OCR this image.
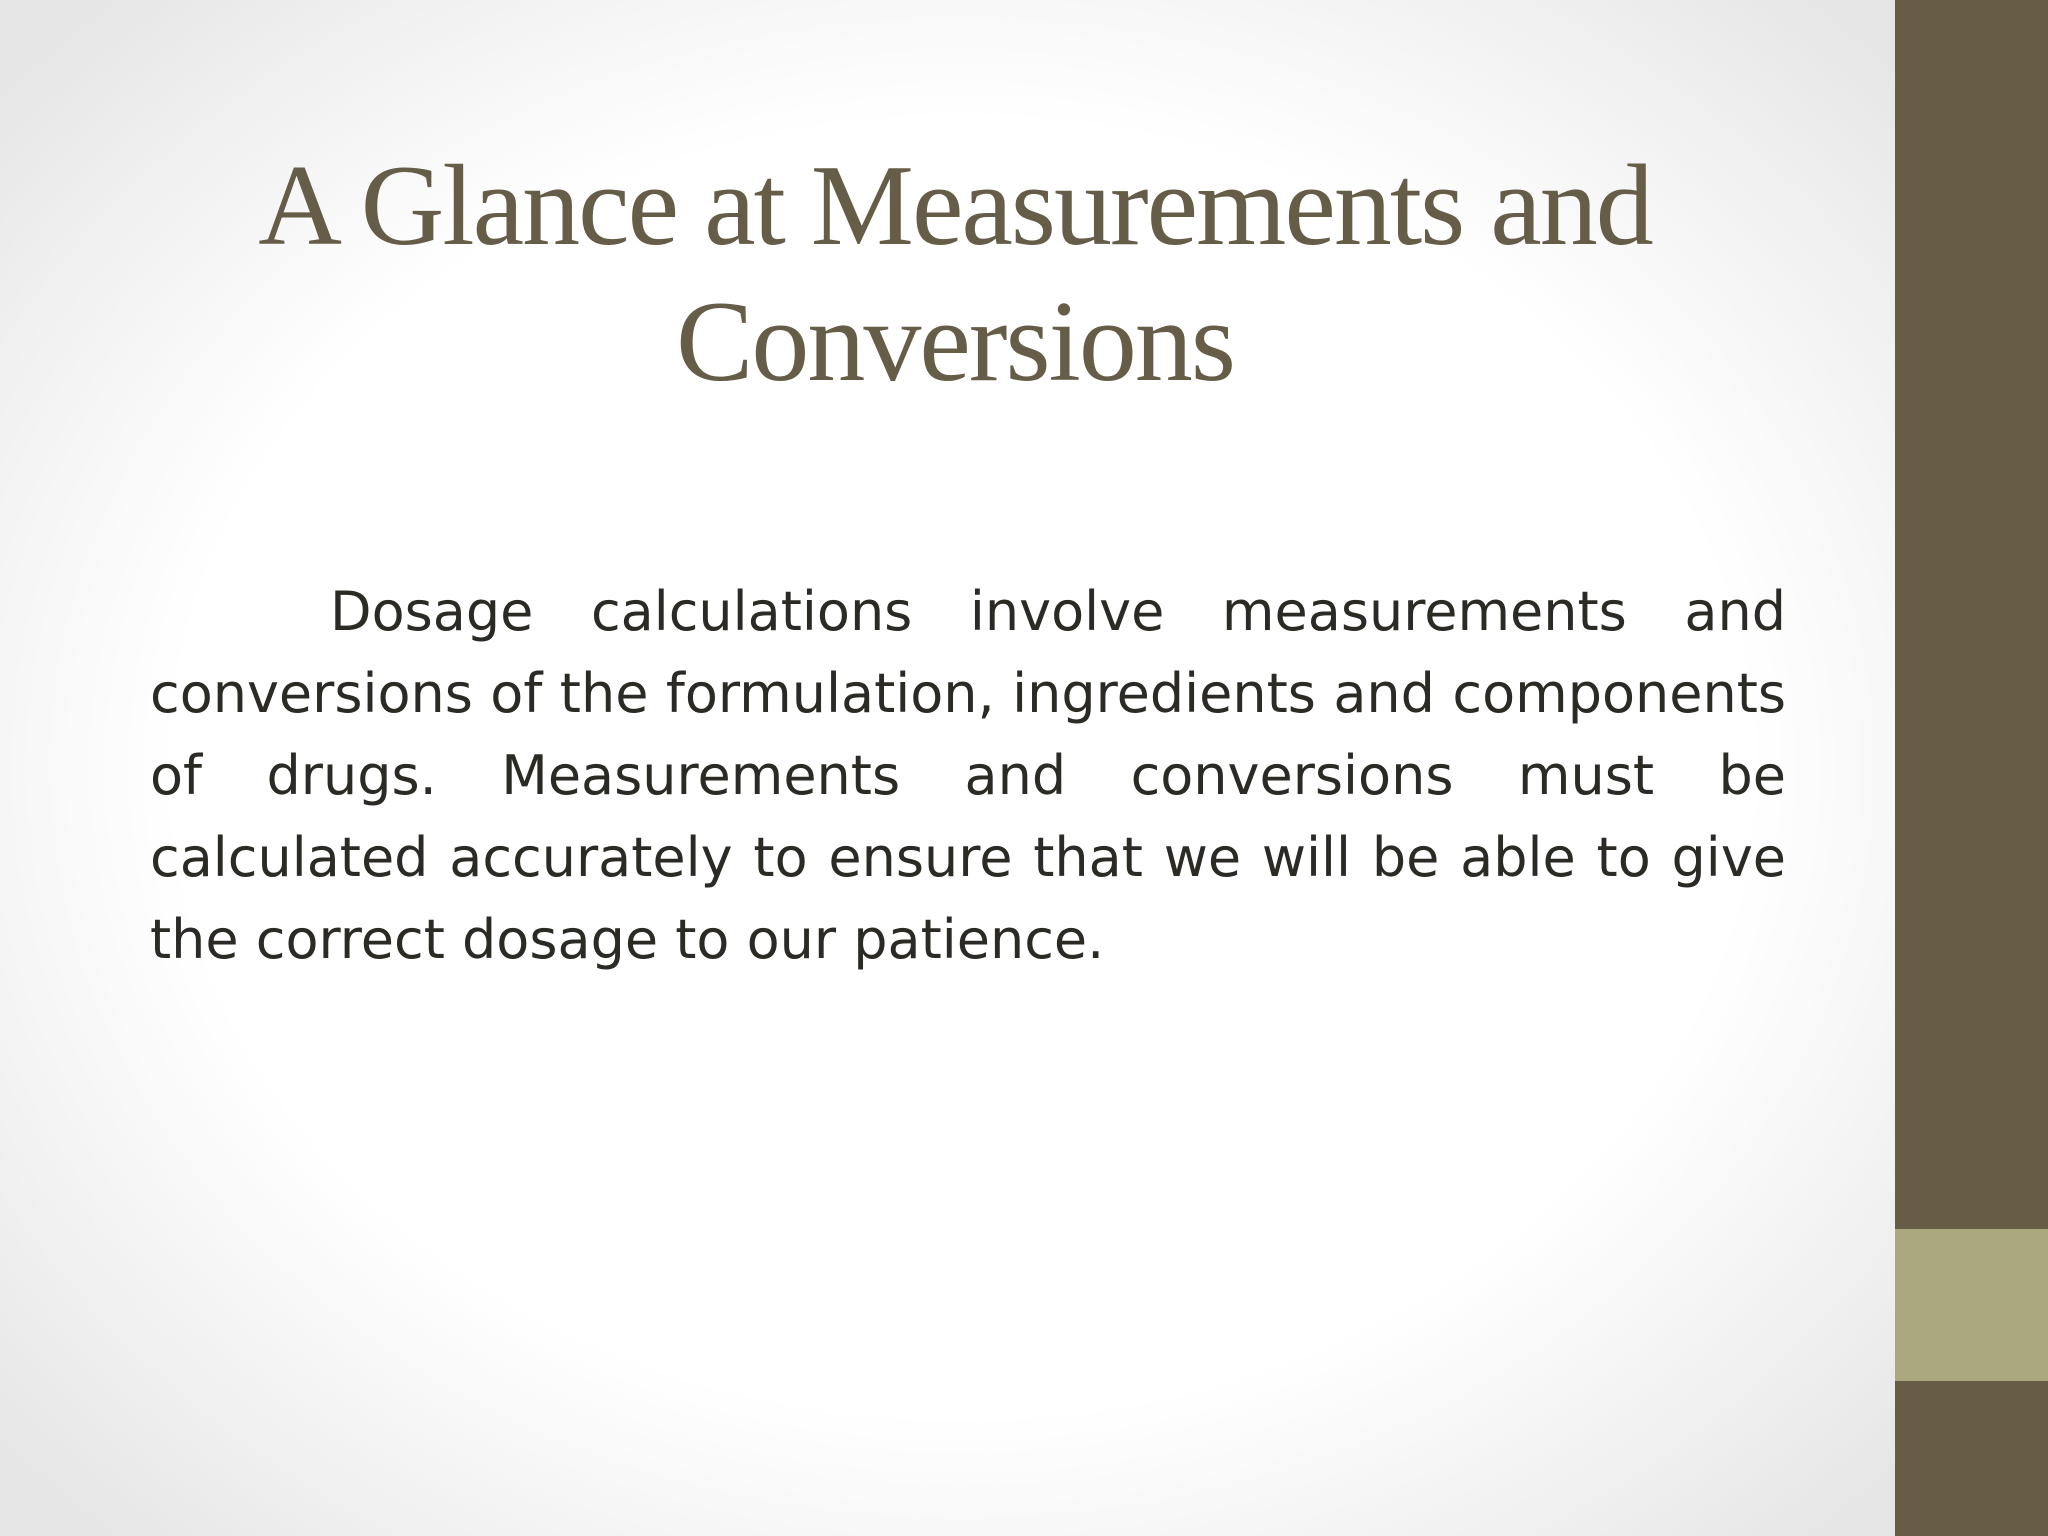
A Glance at Measurements and Conversions

Dosage calculations involve measurements and conversions of the formulation, ingredients and components of drugs. Measurements and conversions must be calculated accurately to ensure that we will be able to give the correct dosage to our patience.
